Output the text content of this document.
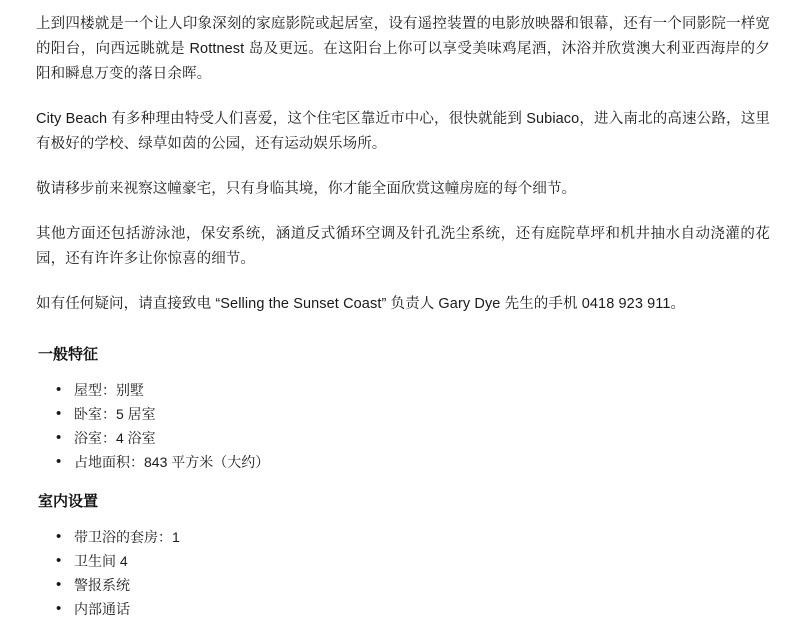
上到四楼就是一个让人印象深刻的家庭影院或起居室，设有遥控装置的电影放映器和银幕，还有一个同影院一样宽的阳台，向西远眺就是 Rottnest 岛及更远。在这阳台上你可以享受美味鸡尾酒，沐浴并欣赏澳大利亚西海岸的夕阳和瞬息万变的落日余晖。

City Beach 有多种理由特受人们喜爱，这个住宅区靠近市中心，很快就能到 Subiaco，进入南北的高速公路，这里有极好的学校、绿草如茵的公园，还有运动娱乐场所。

敬请移步前来视察这幢豪宅，只有身临其境，你才能全面欣赏这幢房庭的每个细节。

其他方面还包括游泳池，保安系统，涵道反式循环空调及针孔洗尘系统，还有庭院草坪和机井抽水自动浇灌的花园，还有许许多让你惊喜的细节。

如有任何疑问，请直接致电 “Selling the Sunset Coast” 负责人 Gary Dye 先生的手机 0418 923 911。

一般特征
• 屋型：别墅
• 卧室：5 居室
• 浴室：4 浴室
• 占地面积：843 平方米（大约）
室内设置
• 带卫浴的套房：1
• 卫生间 4
• 警报系统
• 内部通话
